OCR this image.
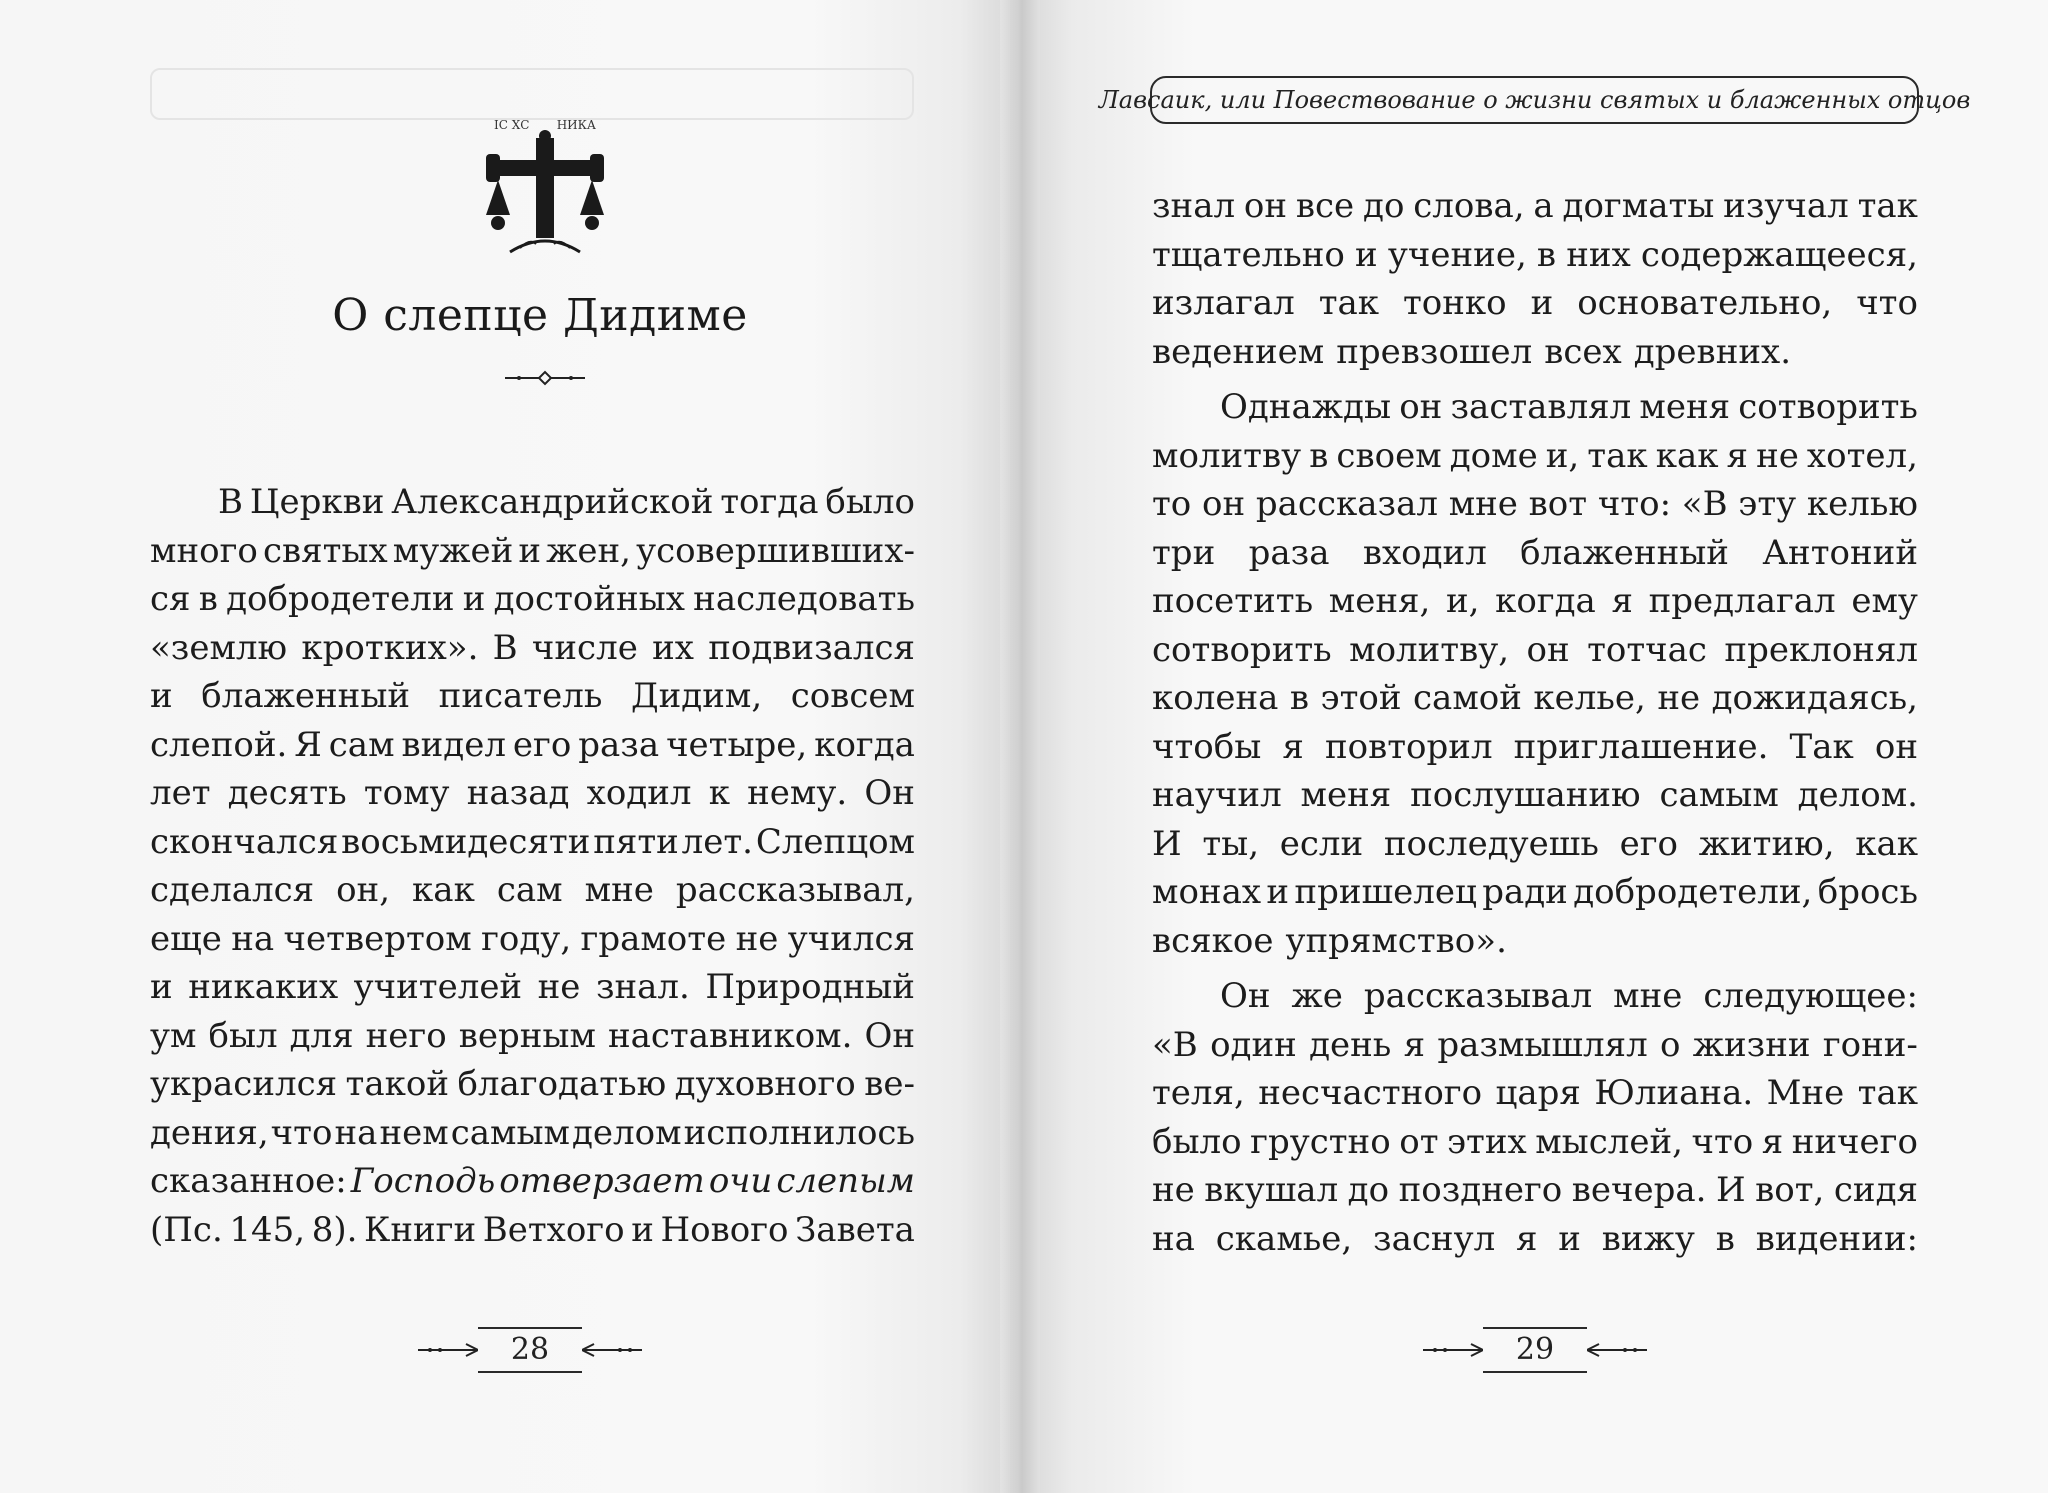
Лавсаик, или Повествование о жизни святых и блаженных отцов
ІС ХС НИКА
О слепце Дидиме
В Церкви Александрийской тогда было
много святых мужей и жен, усовершивших-
ся в добродетели и достойных наследовать
«землю кротких». В числе их подвизался
и блаженный писатель Дидим, совсем
слепой. Я сам видел его раза четыре, когда
лет десять тому назад ходил к нему. Он
скончался восьмидесяти пяти лет. Слепцом
сделался он, как сам мне рассказывал,
еще на четвертом году, грамоте не учился
и никаких учителей не знал. Природный
ум был для него верным наставником. Он
украсился такой благодатью духовного ве-
дения, что на нем самым делом исполнилось
сказанное: Господь отверзает очи слепым
(Пс. 145, 8). Книги Ветхого и Нового Завета
знал он все до слова, а догматы изучал так
тщательно и учение, в них содержащееся,
излагал так тонко и основательно, что
ведением превзошел всех древних.
Однажды он заставлял меня сотворить
молитву в своем доме и, так как я не хотел,
то он рассказал мне вот что: «В эту келью
три раза входил блаженный Антоний
посетить меня, и, когда я предлагал ему
сотворить молитву, он тотчас преклонял
колена в этой самой келье, не дожидаясь,
чтобы я повторил приглашение. Так он
научил меня послушанию самым делом.
И ты, если последуешь его житию, как
монах и пришелец ради добродетели, брось
всякое упрямство».
Он же рассказывал мне следующее:
«В один день я размышлял о жизни гони-
теля, несчастного царя Юлиана. Мне так
было грустно от этих мыслей, что я ничего
не вкушал до позднего вечера. И вот, сидя
на скамье, заснул я и вижу в видении:
28	29
